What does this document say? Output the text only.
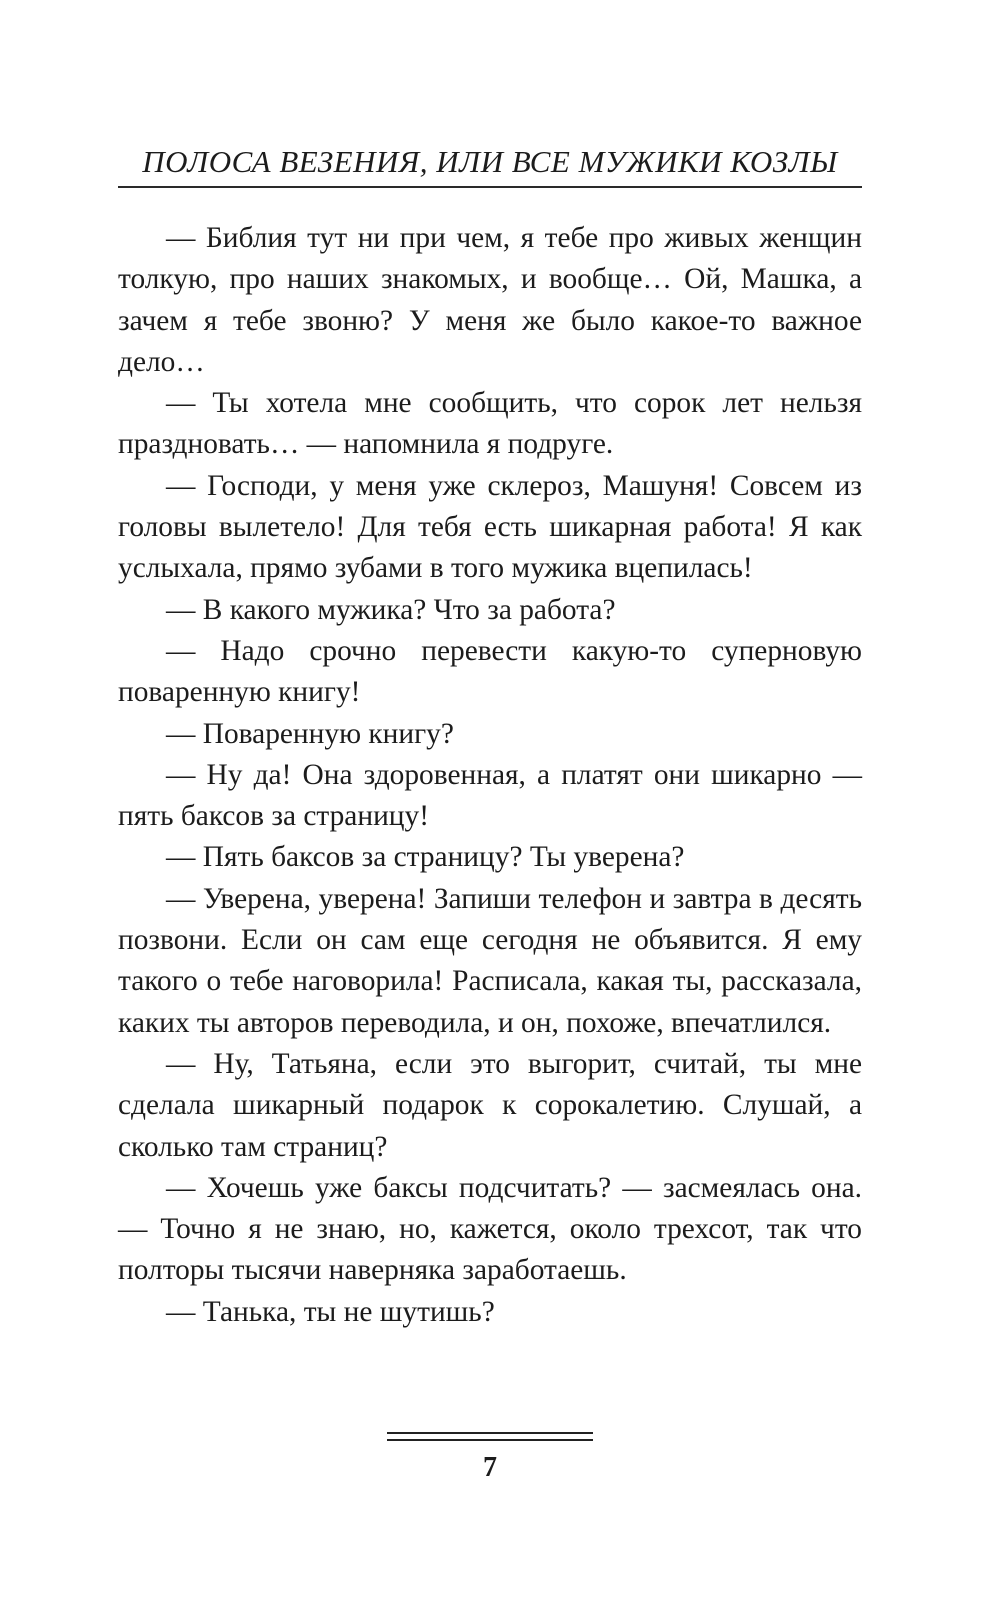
ПОЛОСА ВЕЗЕНИЯ, ИЛИ ВСЕ МУЖИКИ КОЗЛЫ

— Библия тут ни при чем, я тебе про живых женщин толкую, про наших знакомых, и вообще… Ой, Машка, а зачем я тебе звоню? У меня же было какое-то важное дело…

— Ты хотела мне сообщить, что сорок лет нельзя праздновать… — напомнила я подруге.

— Господи, у меня уже склероз, Машуня! Совсем из головы вылетело! Для тебя есть шикарная работа! Я как услыхала, прямо зубами в того мужика вцепилась!

— В какого мужика? Что за работа?

— Надо срочно перевести какую-то суперновую поваренную книгу!

— Поваренную книгу?

— Ну да! Она здоровенная, а платят они шикарно — пять баксов за страницу!

— Пять баксов за страницу? Ты уверена?

— Уверена, уверена! Запиши телефон и завтра в десять позвони. Если он сам еще сегодня не объявится. Я ему такого о тебе наговорила! Расписала, какая ты, рассказала, каких ты авторов переводила, и он, похоже, впечатлился.

— Ну, Татьяна, если это выгорит, считай, ты мне сделала шикарный подарок к сорокалетию. Слушай, а сколько там страниц?

— Хочешь уже баксы подсчитать? — засмеялась она. — Точно я не знаю, но, кажется, около трехсот, так что полторы тысячи наверняка заработаешь.

— Танька, ты не шутишь?

7
